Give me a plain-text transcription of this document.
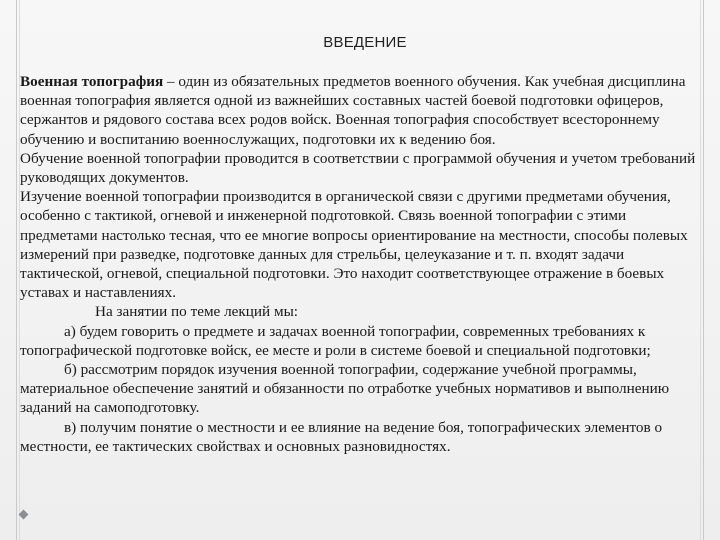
ВВЕДЕНИЕ

Военная топография – один из обязательных предметов военного обучения. Как учебная дисциплина военная топография является одной из важнейших составных частей боевой подготовки офицеров, сержантов и рядового состава всех родов войск. Военная топография способствует всестороннему обучению и воспитанию военнослужащих, подготовки их к ведению боя.

Обучение военной топографии проводится в соответствии с программой обучения и учетом требований руководящих документов.

Изучение военной топографии производится в органической связи с другими предметами обучения, особенно с тактикой, огневой и инженерной подготовкой. Связь военной топографии с этими предметами настолько тесная, что ее многие вопросы ориентирование на местности, способы полевых измерений при разведке, подготовке данных для стрельбы, целеуказание и т. п. входят задачи тактической, огневой, специальной подготовки. Это находит соответствующее отражение в боевых уставах и наставлениях.

На занятии по теме лекций мы:

а) будем говорить о предмете и задачах военной топографии, современных требованиях к топографической подготовке войск, ее месте и роли в системе боевой и специальной подготовки;

б) рассмотрим порядок изучения военной топографии, содержание учебной программы, материальное обеспечение занятий и обязанности по отработке учебных нормативов и выполнению заданий на самоподготовку.

в) получим понятие о местности и ее влияние на ведение боя, топографических элементов о местности, ее тактических свойствах и основных разновидностях.
